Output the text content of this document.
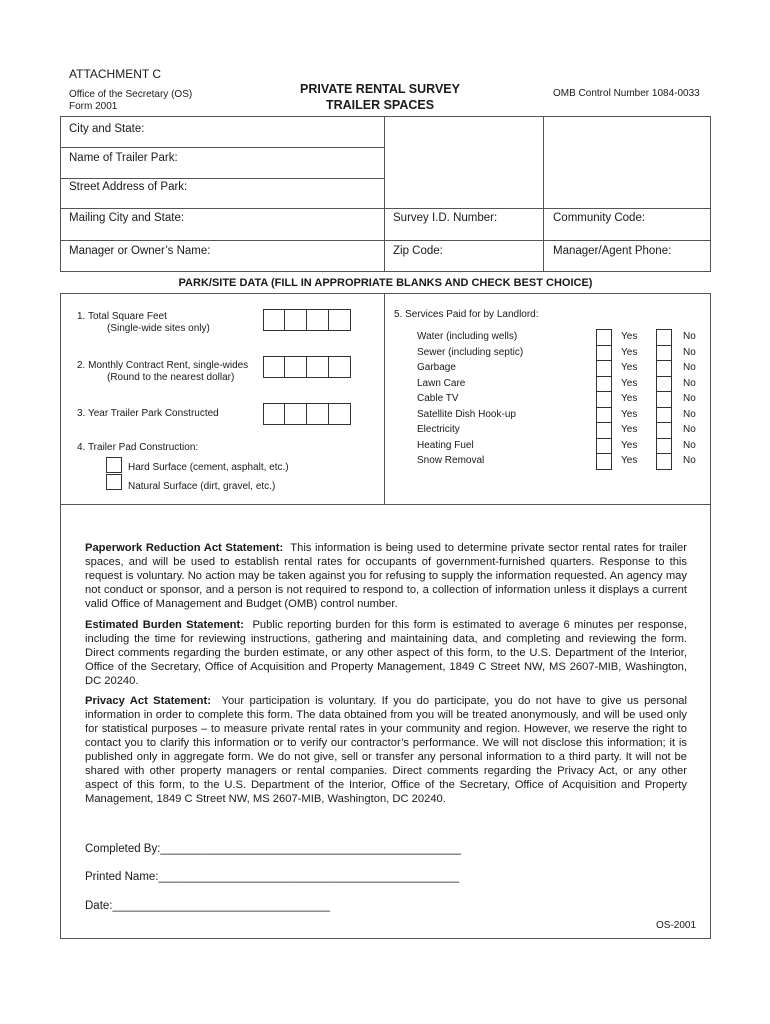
ATTACHMENT C
Office of the Secretary (OS)
Form 2001
PRIVATE RENTAL SURVEY
TRAILER SPACES
OMB Control Number 1084-0033
City and State:
Name of Trailer Park:
Street Address of Park:
Mailing City and State:	Survey I.D. Number:	Community Code:
Manager or Owner’s Name:	Zip Code:	Manager/Agent Phone:
PARK/SITE DATA (FILL IN APPROPRIATE BLANKS AND CHECK BEST CHOICE)
1. Total Square Feet
(Single-wide sites only)
2. Monthly Contract Rent, single-wides
(Round to the nearest dollar)
3. Year Trailer Park Constructed
4. Trailer Pad Construction:
Hard Surface (cement, asphalt, etc.)
Natural Surface (dirt, gravel, etc.)
5. Services Paid for by Landlord:
Water (including wells)	Yes	No
Sewer (including septic)	Yes	No
Garbage	Yes	No
Lawn Care	Yes	No
Cable TV	Yes	No
Satellite Dish Hook-up	Yes	No
Electricity	Yes	No
Heating Fuel	Yes	No
Snow Removal	Yes	No
Paperwork Reduction Act Statement: This information is being used to determine private sector rental rates for trailer spaces, and will be used to establish rental rates for occupants of government-furnished quarters. Response to this request is voluntary. No action may be taken against you for refusing to supply the information requested. An agency may not conduct or sponsor, and a person is not required to respond to, a collection of information unless it displays a current valid Office of Management and Budget (OMB) control number.
Estimated Burden Statement: Public reporting burden for this form is estimated to average 6 minutes per response, including the time for reviewing instructions, gathering and maintaining data, and completing and reviewing the form. Direct comments regarding the burden estimate, or any other aspect of this form, to the U.S. Department of the Interior, Office of the Secretary, Office of Acquisition and Property Management, 1849 C Street NW, MS 2607-MIB, Washington, DC 20240.
Privacy Act Statement: Your participation is voluntary. If you do participate, you do not have to give us personal information in order to complete this form. The data obtained from you will be treated anonymously, and will be used only for statistical purposes – to measure private rental rates in your community and region. However, we reserve the right to contact you to clarify this information or to verify our contractor’s performance. We will not disclose this information; it is published only in aggregate form. We do not give, sell or transfer any personal information to a third party. It will not be shared with other property managers or rental companies. Direct comments regarding the Privacy Act, or any other aspect of this form, to the U.S. Department of the Interior, Office of the Secretary, Office of Acquisition and Property Management, 1849 C Street NW, MS 2607-MIB, Washington, DC 20240.
Completed By:_______________________________________________
Printed Name:_______________________________________________
Date:__________________________________
OS-2001
